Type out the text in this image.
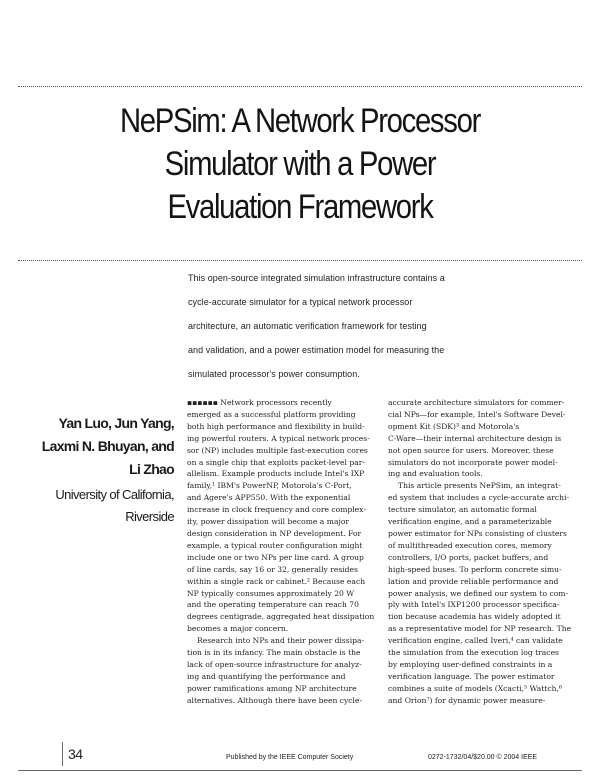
NePSim: A Network Processor
Simulator with a Power
Evaluation Framework

This open-source integrated simulation infrastructure contains a
cycle-accurate simulator for a typical network processor
architecture, an automatic verification framework for testing
and validation, and a power estimation model for measuring the
simulated processor's power consumption.

Yan Luo, Jun Yang,
Laxmi N. Bhuyan, and
Li Zhao
University of California,
Riverside
▪▪▪▪▪▪ Network processors recently
emerged as a successful platform providing
both high performance and flexibility in build-
ing powerful routers. A typical network proces-
sor (NP) includes multiple fast-execution cores
on a single chip that exploits packet-level par-
allelism. Example products include Intel's IXP
family,¹ IBM's PowerNP, Motorola's C-Port,
and Agere's APP550. With the exponential
increase in clock frequency and core complex-
ity, power dissipation will become a major
design consideration in NP development. For
example, a typical router configuration might
include one or two NPs per line card. A group
of line cards, say 16 or 32, generally resides
within a single rack or cabinet.² Because each
NP typically consumes approximately 20 W
and the operating temperature can reach 70
degrees centigrade, aggregated heat dissipation
becomes a major concern.
Research into NPs and their power dissipa-
tion is in its infancy. The main obstacle is the
lack of open-source infrastructure for analyz-
ing and quantifying the performance and
power ramifications among NP architecture
alternatives. Although there have been cycle-
accurate architecture simulators for commer-
cial NPs—for example, Intel's Software Devel-
opment Kit (SDK)³ and Motorola's
C-Ware—their internal architecture design is
not open source for users. Moreover, these
simulators do not incorporate power model-
ing and evaluation tools.
This article presents NePSim, an integrat-
ed system that includes a cycle-accurate archi-
tecture simulator, an automatic formal
verification engine, and a parameterizable
power estimator for NPs consisting of clusters
of multithreaded execution cores, memory
controllers, I/O ports, packet buffers, and
high-speed buses. To perform concrete simu-
lation and provide reliable performance and
power analysis, we defined our system to com-
ply with Intel's IXP1200 processor specifica-
tion because academia has widely adopted it
as a representative model for NP research. The
verification engine, called Iveri,⁴ can validate
the simulation from the execution log traces
by employing user-defined constraints in a
verification language. The power estimator
combines a suite of models (Xcacti,⁵ Wattch,⁶
and Orion⁷) for dynamic power measure-
34	Published by the IEEE Computer Society	0272-1732/04/$20.00 © 2004 IEEE
